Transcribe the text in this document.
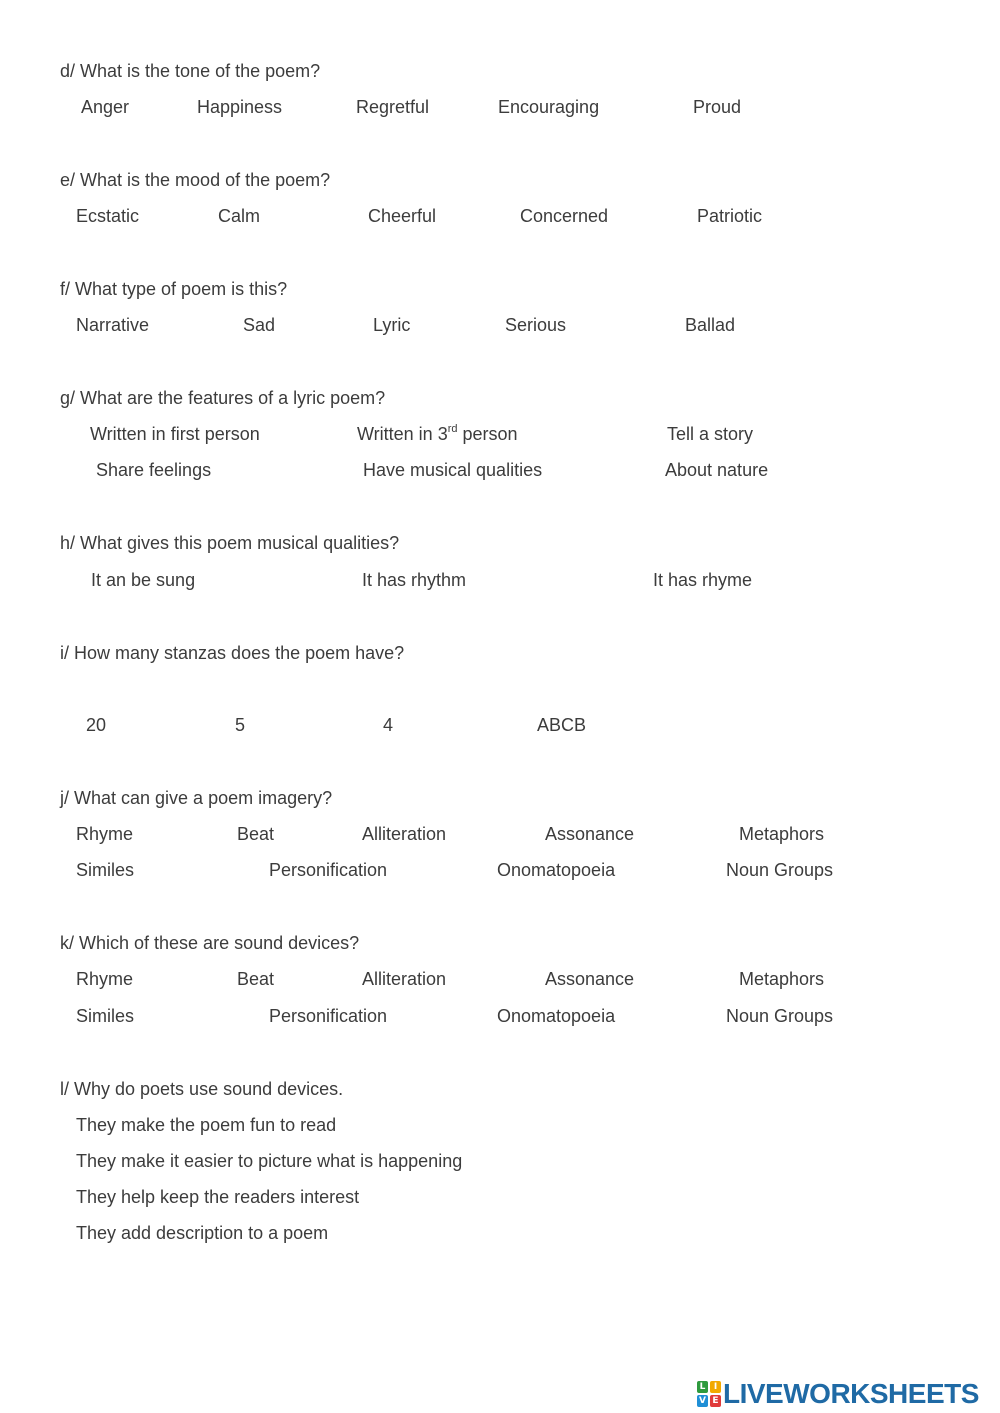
d/ What is the tone of the poem?
Anger	Happiness	Regretful	Encouraging	Proud
e/ What is the mood of the poem?
Ecstatic	Calm	Cheerful	Concerned	Patriotic
f/ What type of poem is this?
Narrative	Sad	Lyric	Serious	Ballad
g/ What are the features of a lyric poem?
Written in first person	Written in 3rd person	Tell a story
Share feelings	Have musical qualities	About nature
h/ What gives this poem musical qualities?
It an be sung	It has rhythm	It has rhyme
i/ How many stanzas does the poem have?
20	5	4	ABCB
j/ What can give a poem imagery?
Rhyme	Beat	Alliteration	Assonance	Metaphors
Similes	Personification	Onomatopoeia	Noun Groups
k/ Which of these are sound devices?
Rhyme	Beat	Alliteration	Assonance	Metaphors
Similes	Personification	Onomatopoeia	Noun Groups
l/ Why do poets use sound devices.
They make the poem fun to read
They make it easier to picture what is happening
They help keep the readers interest
They add description to a poem
L I
V E LIVEWORKSHEETS
